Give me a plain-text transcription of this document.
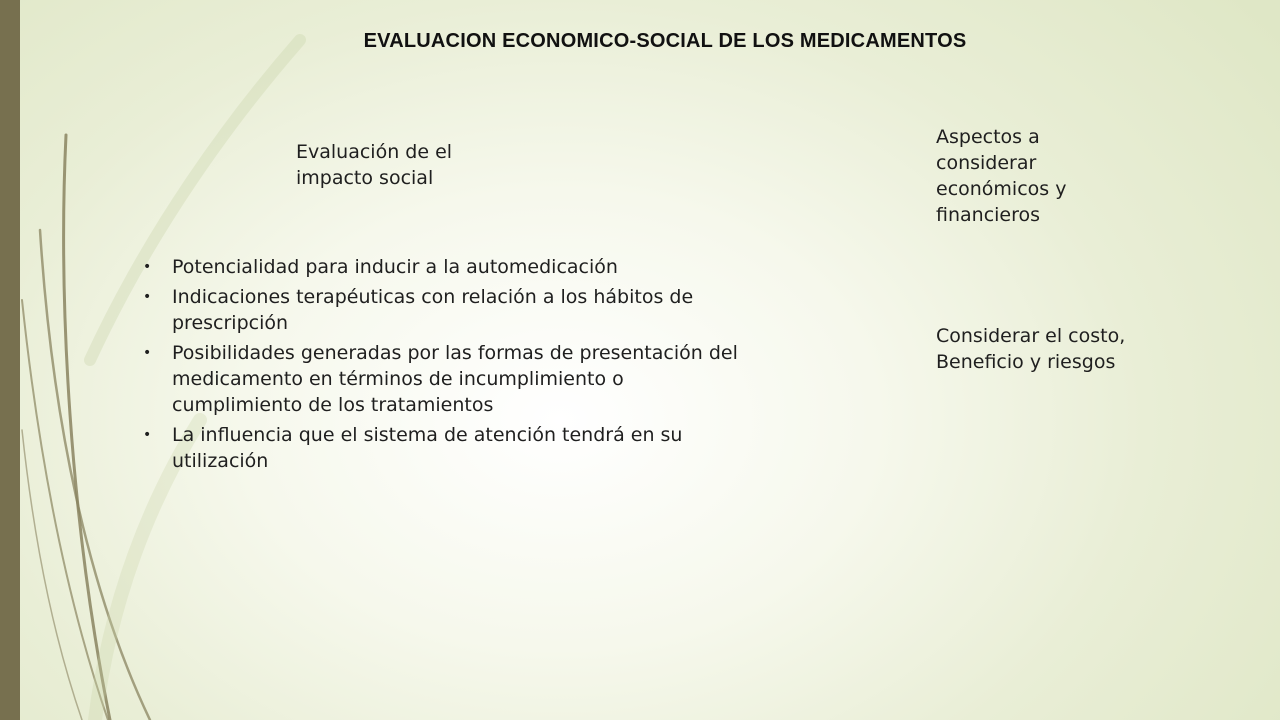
EVALUACION ECONOMICO-SOCIAL DE LOS MEDICAMENTOS
Evaluación de el impacto social
Aspectos a considerar económicos y financieros
Considerar el costo,
Beneficio y riesgos
• Potencialidad para inducir a la automedicación
• Indicaciones terapéuticas con relación a los hábitos de prescripción
• Posibilidades generadas por las formas de presentación del medicamento en términos de incumplimiento o cumplimiento de los tratamientos
• La influencia que el sistema de atención tendrá en su utilización
